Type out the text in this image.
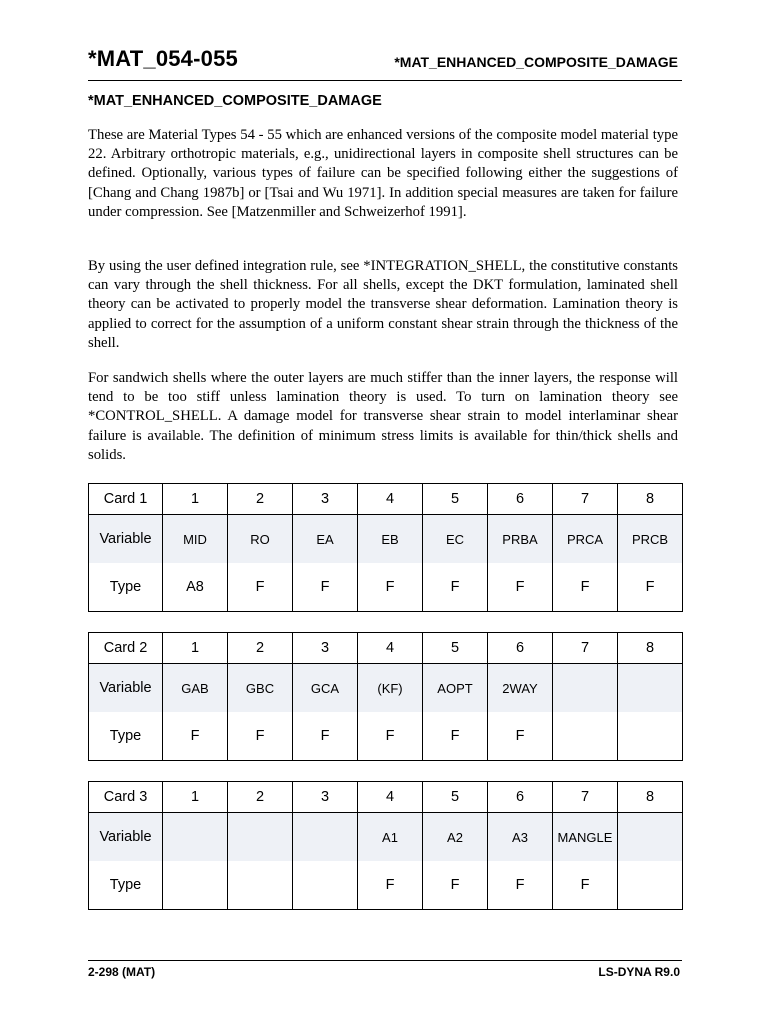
*MAT_054-055	*MAT_ENHANCED_COMPOSITE_DAMAGE
*MAT_ENHANCED_COMPOSITE_DAMAGE

These are Material Types 54 - 55 which are enhanced versions of the composite model material type 22. Arbitrary orthotropic materials, e.g., unidirectional layers in composite shell structures can be defined. Optionally, various types of failure can be specified following either the suggestions of [Chang and Chang 1987b] or [Tsai and Wu 1971]. In addition special measures are taken for failure under compression. See [Matzenmiller and Schweizerhof 1991].

By using the user defined integration rule, see *INTEGRATION_SHELL, the constitutive constants can vary through the shell thickness. For all shells, except the DKT formulation, laminated shell theory can be activated to properly model the transverse shear deformation. Lamination theory is applied to correct for the assumption of a uniform constant shear strain through the thickness of the shell.

For sandwich shells where the outer layers are much stiffer than the inner layers, the response will tend to be too stiff unless lamination theory is used. To turn on lamination theory see *CONTROL_SHELL. A damage model for transverse shear strain to model interlaminar shear failure is available. The definition of minimum stress limits is available for thin/thick shells and solids.

Card 1	1	2	3	4	5	6	7	8
Variable	MID	RO	EA	EB	EC	PRBA	PRCA	PRCB
Type	A8	F	F	F	F	F	F	F
Card 2	1	2	3	4	5	6	7	8
Variable	GAB	GBC	GCA	(KF)	AOPT	2WAY		
Type	F	F	F	F	F	F		
Card 3	1	2	3	4	5	6	7	8
Variable				A1	A2	A3	MANGLE	
Type				F	F	F	F	
2-298 (MAT)	LS-DYNA R9.0
